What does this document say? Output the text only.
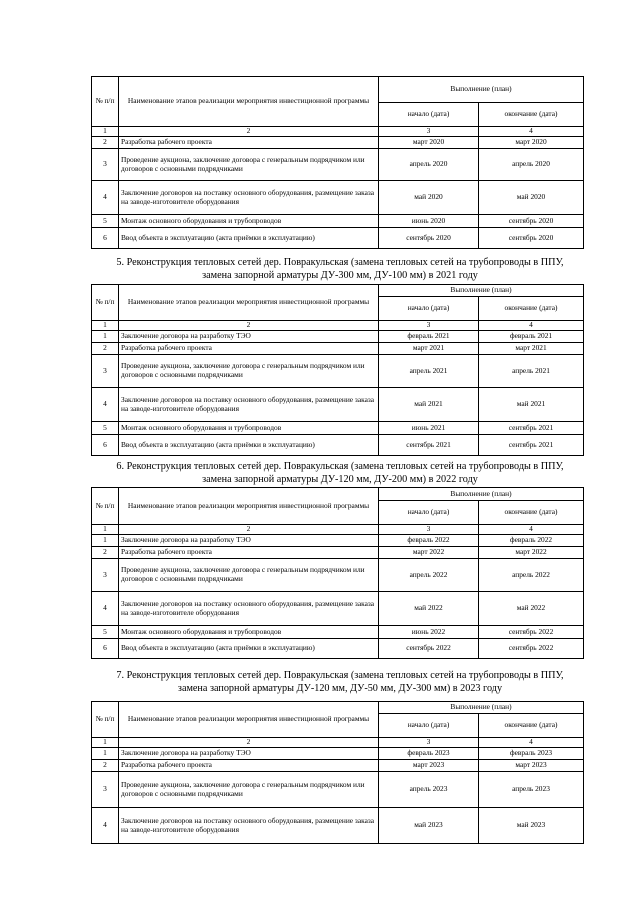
№ п/п	Наименование этапов реализации мероприятия инвестиционной программы	Выполнение (план)	
		начало (дата)	окончание (дата)
1	2	3	4
2	Разработка рабочего проекта	март 2020	март 2020
3	Проведение аукциона, заключение договора с генеральным подрядчиком или договоров с основными подрядчиками	апрель 2020	апрель 2020
4	Заключение договоров на поставку основного оборудования, размещение заказа на заводе-изготовителе оборудования	май 2020	май 2020
5	Монтаж основного оборудования и трубопроводов	июнь 2020	сентябрь 2020
6	Ввод объекта в эксплуатацию (акта приёмки в эксплуатацию)	сентябрь 2020	сентябрь 2020
5. Реконструкция тепловых сетей дер. Повракульская (замена тепловых сетей на трубопроводы в ППУ,
замена запорной арматуры ДУ-300 мм, ДУ-100 мм) в 2021 году
№ п/п	Наименование этапов реализации мероприятия инвестиционной программы	Выполнение (план)	
		начало (дата)	окончание (дата)
1	2	3	4
1	Заключение договора на разработку ТЭО	февраль 2021	февраль 2021
2	Разработка рабочего проекта	март 2021	март 2021
3	Проведение аукциона, заключение договора с генеральным подрядчиком или договоров с основными подрядчиками	апрель 2021	апрель 2021
4	Заключение договоров на поставку основного оборудования, размещение заказа на заводе-изготовителе оборудования	май 2021	май 2021
5	Монтаж основного оборудования и трубопроводов	июнь 2021	сентябрь 2021
6	Ввод объекта в эксплуатацию (акта приёмки в эксплуатацию)	сентябрь 2021	сентябрь 2021
6. Реконструкция тепловых сетей дер. Повракульская (замена тепловых сетей на трубопроводы в ППУ,
замена запорной арматуры ДУ-120 мм, ДУ-200 мм) в 2022 году
№ п/п	Наименование этапов реализации мероприятия инвестиционной программы	Выполнение (план)	
		начало (дата)	окончание (дата)
1	2	3	4
1	Заключение договора на разработку ТЭО	февраль 2022	февраль 2022
2	Разработка рабочего проекта	март 2022	март 2022
3	Проведение аукциона, заключение договора с генеральным подрядчиком или договоров с основными подрядчиками	апрель 2022	апрель 2022
4	Заключение договоров на поставку основного оборудования, размещение заказа на заводе-изготовителе оборудования	май 2022	май 2022
5	Монтаж основного оборудования и трубопроводов	июнь 2022	сентябрь 2022
6	Ввод объекта в эксплуатацию (акта приёмки в эксплуатацию)	сентябрь 2022	сентябрь 2022
7. Реконструкция тепловых сетей дер. Повракульская (замена тепловых сетей на трубопроводы в ППУ,
замена запорной арматуры ДУ-120 мм, ДУ-50 мм, ДУ-300 мм) в 2023 году
№ п/п	Наименование этапов реализации мероприятия инвестиционной программы	Выполнение (план)	
		начало (дата)	окончание (дата)
1	2	3	4
1	Заключение договора на разработку ТЭО	февраль 2023	февраль 2023
2	Разработка рабочего проекта	март 2023	март 2023
3	Проведение аукциона, заключение договора с генеральным подрядчиком или договоров с основными подрядчиками	апрель 2023	апрель 2023
4	Заключение договоров на поставку основного оборудования, размещение заказа на заводе-изготовителе оборудования	май 2023	май 2023
